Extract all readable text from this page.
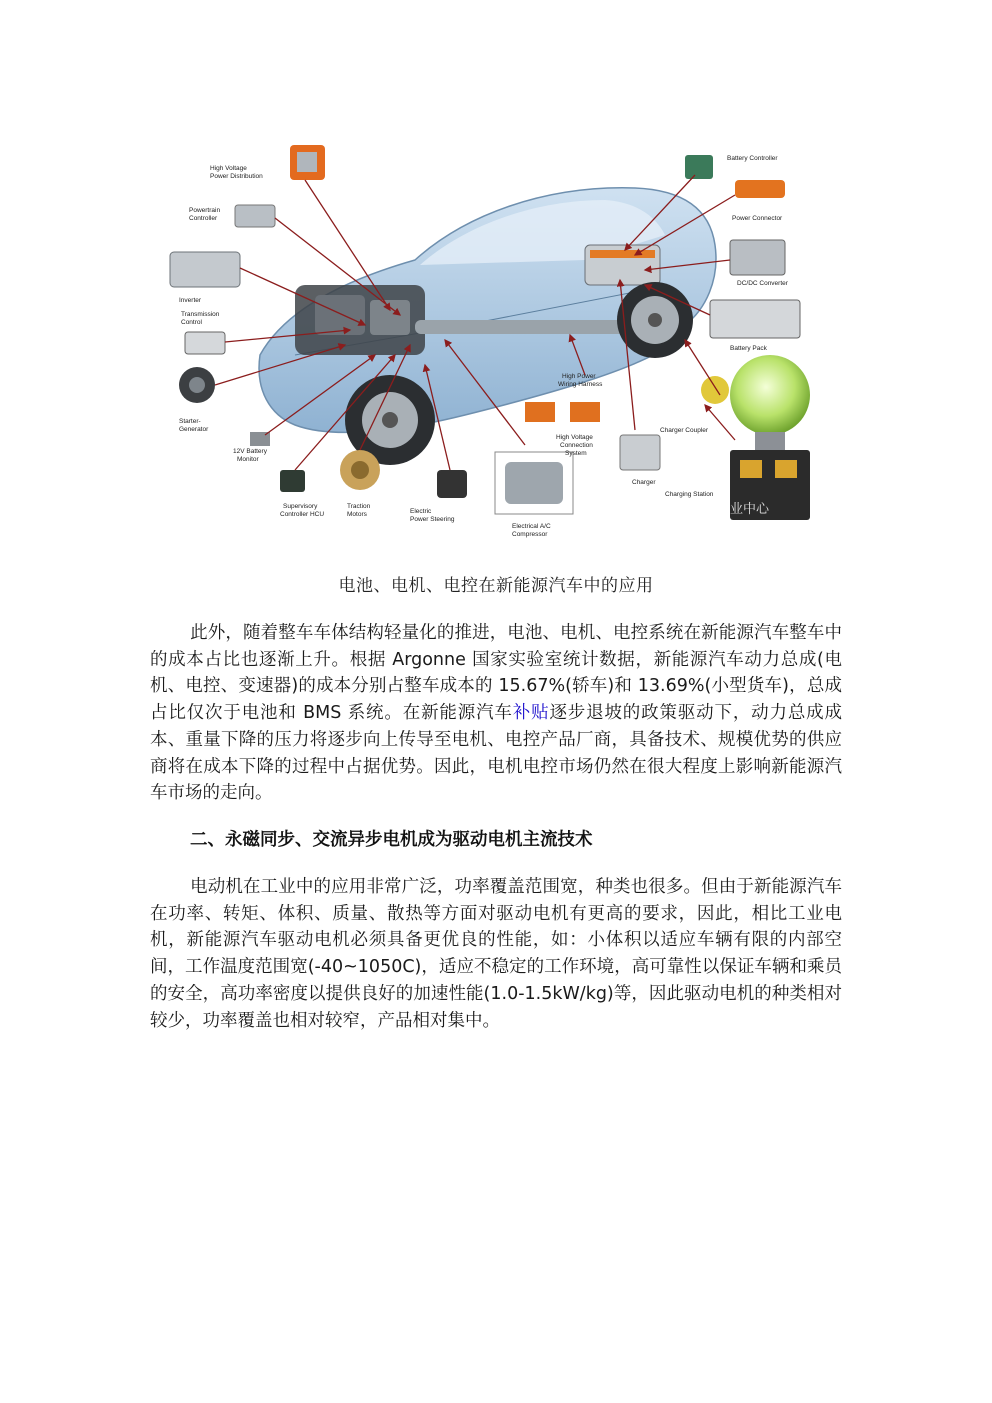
High Voltage
Power Distribution
Powertrain
Controller
Inverter
Transmission
Control
Starter-
Generator
12V Battery
Monitor
Supervisory
Controller HCU
Traction
Motors	Electric
Power Steering
Electrical A/C
Compressor
Battery Controller
Power Connector
DC/DC Converter
Battery Pack
High Power
Wiring Harness
High Voltage
Connection
System
Charger Coupler
Charger
Charging Station
中汽创新创业中心
电池、电机、电控在新能源汽车中的应用
此外，随着整车车体结构轻量化的推进，电池、电机、电控系统在新能源汽车整车中的成本占比也逐渐上升。根据 Argonne 国家实验室统计数据，新能源汽车动力总成(电机、电控、变速器)的成本分别占整车成本的 15.67%(轿车)和 13.69%(小型货车)，总成占比仅次于电池和 BMS 系统。在新能源汽车补贴逐步退坡的政策驱动下，动力总成成本、重量下降的压力将逐步向上传导至电机、电控产品厂商，具备技术、规模优势的供应商将在成本下降的过程中占据优势。因此，电机电控市场仍然在很大程度上影响新能源汽车市场的走向。
二、永磁同步、交流异步电机成为驱动电机主流技术
电动机在工业中的应用非常广泛，功率覆盖范围宽，种类也很多。但由于新能源汽车在功率、转矩、体积、质量、散热等方面对驱动电机有更高的要求，因此，相比工业电机，新能源汽车驱动电机必须具备更优良的性能，如：小体积以适应车辆有限的内部空间，工作温度范围宽(-40~1050C)，适应不稳定的工作环境，高可靠性以保证车辆和乘员的安全，高功率密度以提供良好的加速性能(1.0-1.5kW/kg)等，因此驱动电机的种类相对较少，功率覆盖也相对较窄，产品相对集中。
